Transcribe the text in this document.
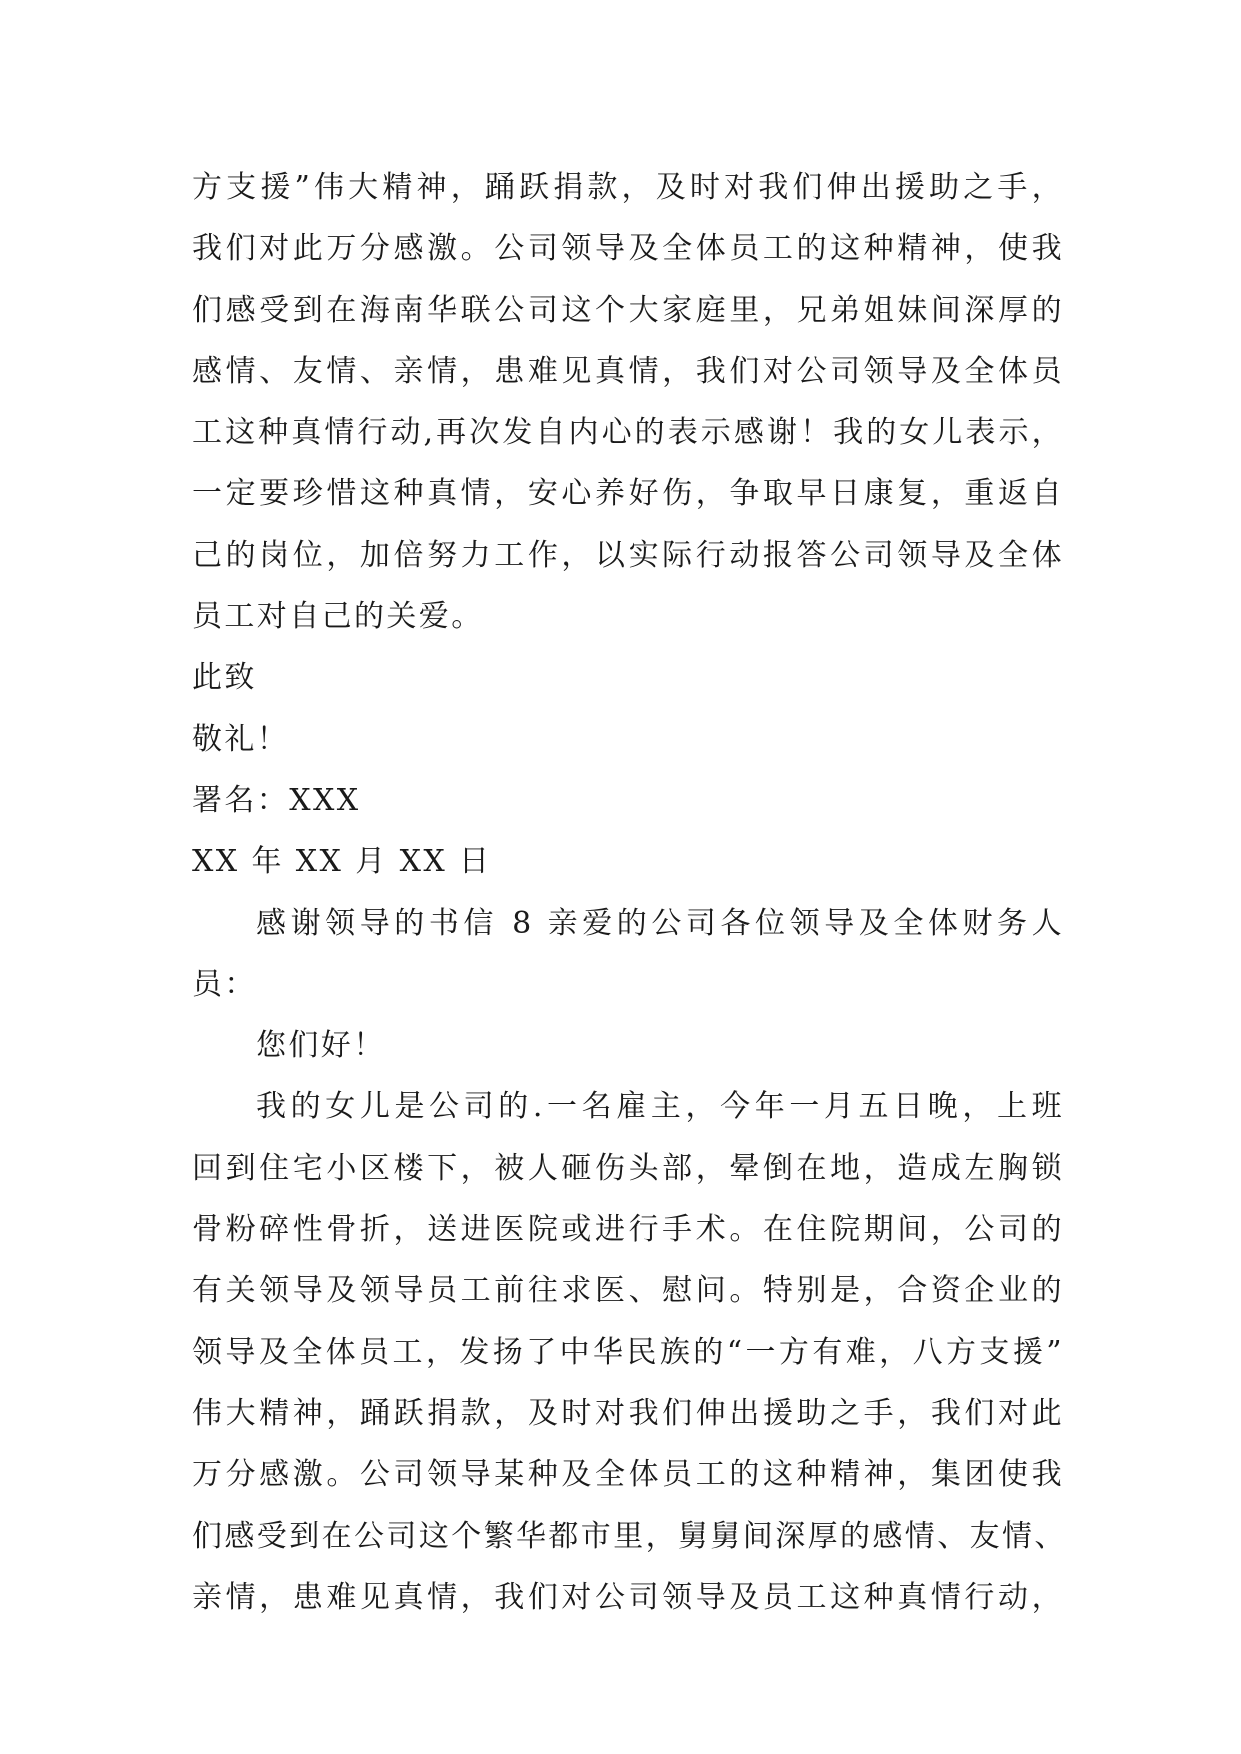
方支援”伟大精神，踊跃捐款，及时对我们伸出援助之手，
我们对此万分感激。公司领导及全体员工的这种精神，使我
们感受到在海南华联公司这个大家庭里，兄弟姐妹间深厚的
感情、友情、亲情，患难见真情，我们对公司领导及全体员
工这种真情行动,再次发自内心的表示感谢！我的女儿表示，
一定要珍惜这种真情，安心养好伤，争取早日康复，重返自
己的岗位，加倍努力工作，以实际行动报答公司领导及全体
员工对自己的关爱。
此致
敬礼！
署名：XXX
XX 年 XX 月 XX 日
感谢领导的书信 8 亲爱的公司各位领导及全体财务人
员：
您们好！
我的女儿是公司的.一名雇主，今年一月五日晚，上班
回到住宅小区楼下，被人砸伤头部，晕倒在地，造成左胸锁
骨粉碎性骨折，送进医院或进行手术。在住院期间，公司的
有关领导及领导员工前往求医、慰问。特别是，合资企业的
领导及全体员工，发扬了中华民族的“一方有难，八方支援”
伟大精神，踊跃捐款，及时对我们伸出援助之手，我们对此
万分感激。公司领导某种及全体员工的这种精神，集团使我
们感受到在公司这个繁华都市里，舅舅间深厚的感情、友情、
亲情，患难见真情，我们对公司领导及员工这种真情行动，
